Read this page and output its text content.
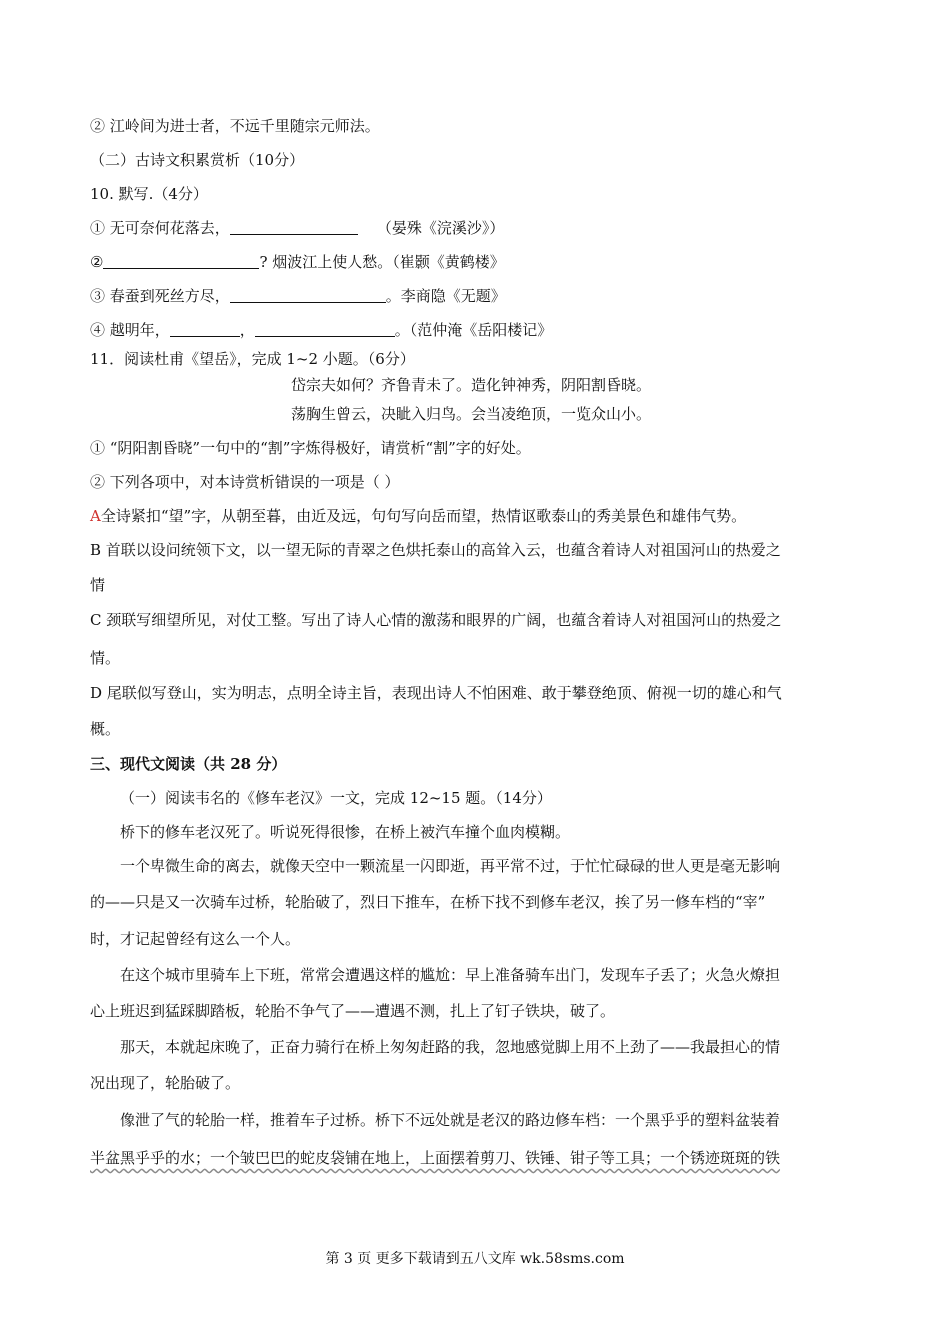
② 江岭间为进士者，不远千里随宗元师法。
（二）古诗文积累赏析（10分）
10. 默写.（4分）
① 无可奈何花落去，	（晏殊《浣溪沙》）
②	? 烟波江上使人愁。（崔颢《黄鹤楼》
③ 春蚕到死丝方尽，	。李商隐《无题》
④ 越明年，	，	。（范仲淹《岳阳楼记》
11．阅读杜甫《望岳》，完成 1~2 小题。（6分）
岱宗夫如何？齐鲁青未了。造化钟神秀，阴阳割昏晓。
荡胸生曾云，决眦入归鸟。会当凌绝顶，一览众山小。
① “阴阳割昏晓”一句中的“割”字炼得极好，请赏析“割”字的好处。
② 下列各项中，对本诗赏析错误的一项是（ ）
A全诗紧扣“望”字，从朝至暮，由近及远，句句写向岳而望，热情讴歌泰山的秀美景色和雄伟气势。
B 首联以设问统领下文，以一望无际的青翠之色烘托泰山的高耸入云，也蕴含着诗人对祖国河山的热爱之
情
C 颈联写细望所见，对仗工整。写出了诗人心情的激荡和眼界的广阔，也蕴含着诗人对祖国河山的热爱之
情。
D 尾联似写登山，实为明志，点明全诗主旨，表现出诗人不怕困难、敢于攀登绝顶、俯视一切的雄心和气
概。
三、现代文阅读（共 28 分）
（一）阅读韦名的《修车老汉》一文，完成 12~15 题。（14分）
桥下的修车老汉死了。听说死得很惨，在桥上被汽车撞个血肉模糊。
一个卑微生命的离去，就像天空中一颗流星一闪即逝，再平常不过，于忙忙碌碌的世人更是毫无影响
的——只是又一次骑车过桥，轮胎破了，烈日下推车，在桥下找不到修车老汉，挨了另一修车档的“宰”
时，才记起曾经有这么一个人。
在这个城市里骑车上下班，常常会遭遇这样的尴尬：早上准备骑车出门，发现车子丢了；火急火燎担
心上班迟到猛踩脚踏板，轮胎不争气了——遭遇不测，扎上了钉子铁块，破了。
那天，本就起床晚了，正奋力骑行在桥上匆匆赶路的我，忽地感觉脚上用不上劲了——我最担心的情
况出现了，轮胎破了。
像泄了气的轮胎一样，推着车子过桥。桥下不远处就是老汉的路边修车档：一个黑乎乎的塑料盆装着
半盆黑乎乎的水；一个皱巴巴的蛇皮袋铺在地上，上面摆着剪刀、铁锤、钳子等工具；一个锈迹斑斑的铁
第 3 页 更多下载请到五八文库 wk.58sms.com
